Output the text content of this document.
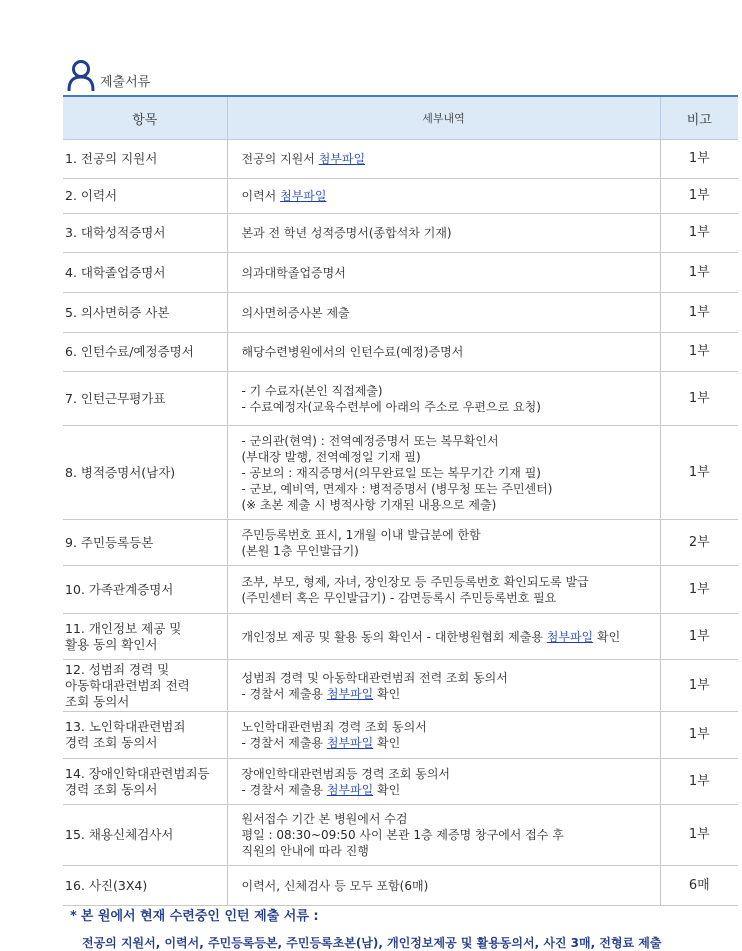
제출서류
항목	세부내역	비고
1. 전공의 지원서	전공의 지원서 첨부파일	1부
2. 이력서	이력서 첨부파일	1부
3. 대학성적증명서	본과 전 학년 성적증명서(종합석차 기재)	1부
4. 대학졸업증명서	의과대학졸업증명서	1부
5. 의사면허증 사본	의사면허증사본 제출	1부
6. 인턴수료/예정증명서	해당수련병원에서의 인턴수료(예정)증명서	1부
7. 인턴근무평가표	- 기 수료자(본인 직접제출)
- 수료예정자(교육수련부에 아래의 주소로 우편으로 요청)	1부
8. 병적증명서(남자)	- 군의관(현역) : 전역예정증명서 또는 복무확인서
(부대장 발행, 전역예정일 기재 필)
- 공보의 : 재직증명서(의무완료일 또는 복무기간 기재 필)
- 군보, 예비역, 면제자 : 병적증명서 (병무청 또는 주민센터)
(※ 초본 제출 시 병적사항 기재된 내용으로 제출)	1부
9. 주민등록등본	주민등록번호 표시, 1개월 이내 발급분에 한함
(본원 1층 무인발급기)	2부
10. 가족관계증명서	조부, 부모, 형제, 자녀, 장인장모 등 주민등록번호 확인되도록 발급
(주민센터 혹은 무인발급기) - 감면등록시 주민등록번호 필요	1부
11. 개인정보 제공 및
활용 동의 확인서	개인정보 제공 및 활용 동의 확인서 - 대한병원협회 제출용 첨부파일 확인	1부
12. 성범죄 경력 및
아동학대관련범죄 전력
조회 동의서	성범죄 경력 및 아동학대관련범죄 전력 조회 동의서
- 경찰서 제출용 첨부파일 확인	1부
13. 노인학대관련범죄
경력 조회 동의서	노인학대관련범죄 경력 조회 동의서
- 경찰서 제출용 첨부파일 확인	1부
14. 장애인학대관련범죄등
경력 조회 동의서	장애인학대관련범죄등 경력 조회 동의서
- 경찰서 제출용 첨부파일 확인	1부
15. 채용신체검사서	원서접수 기간 본 병원에서 수검
평일 : 08:30~09:50 사이 본관 1층 제증명 창구에서 접수 후
직원의 안내에 따라 진행	1부
16. 사진(3X4)	이력서, 신체검사 등 모두 포함(6매)	6매
* 본 원에서 현재 수련중인 인턴 제출 서류 :
전공의 지원서, 이력서, 주민등록등본, 주민등록초본(남), 개인정보제공 및 활용동의서, 사진 3매, 전형료 제출
